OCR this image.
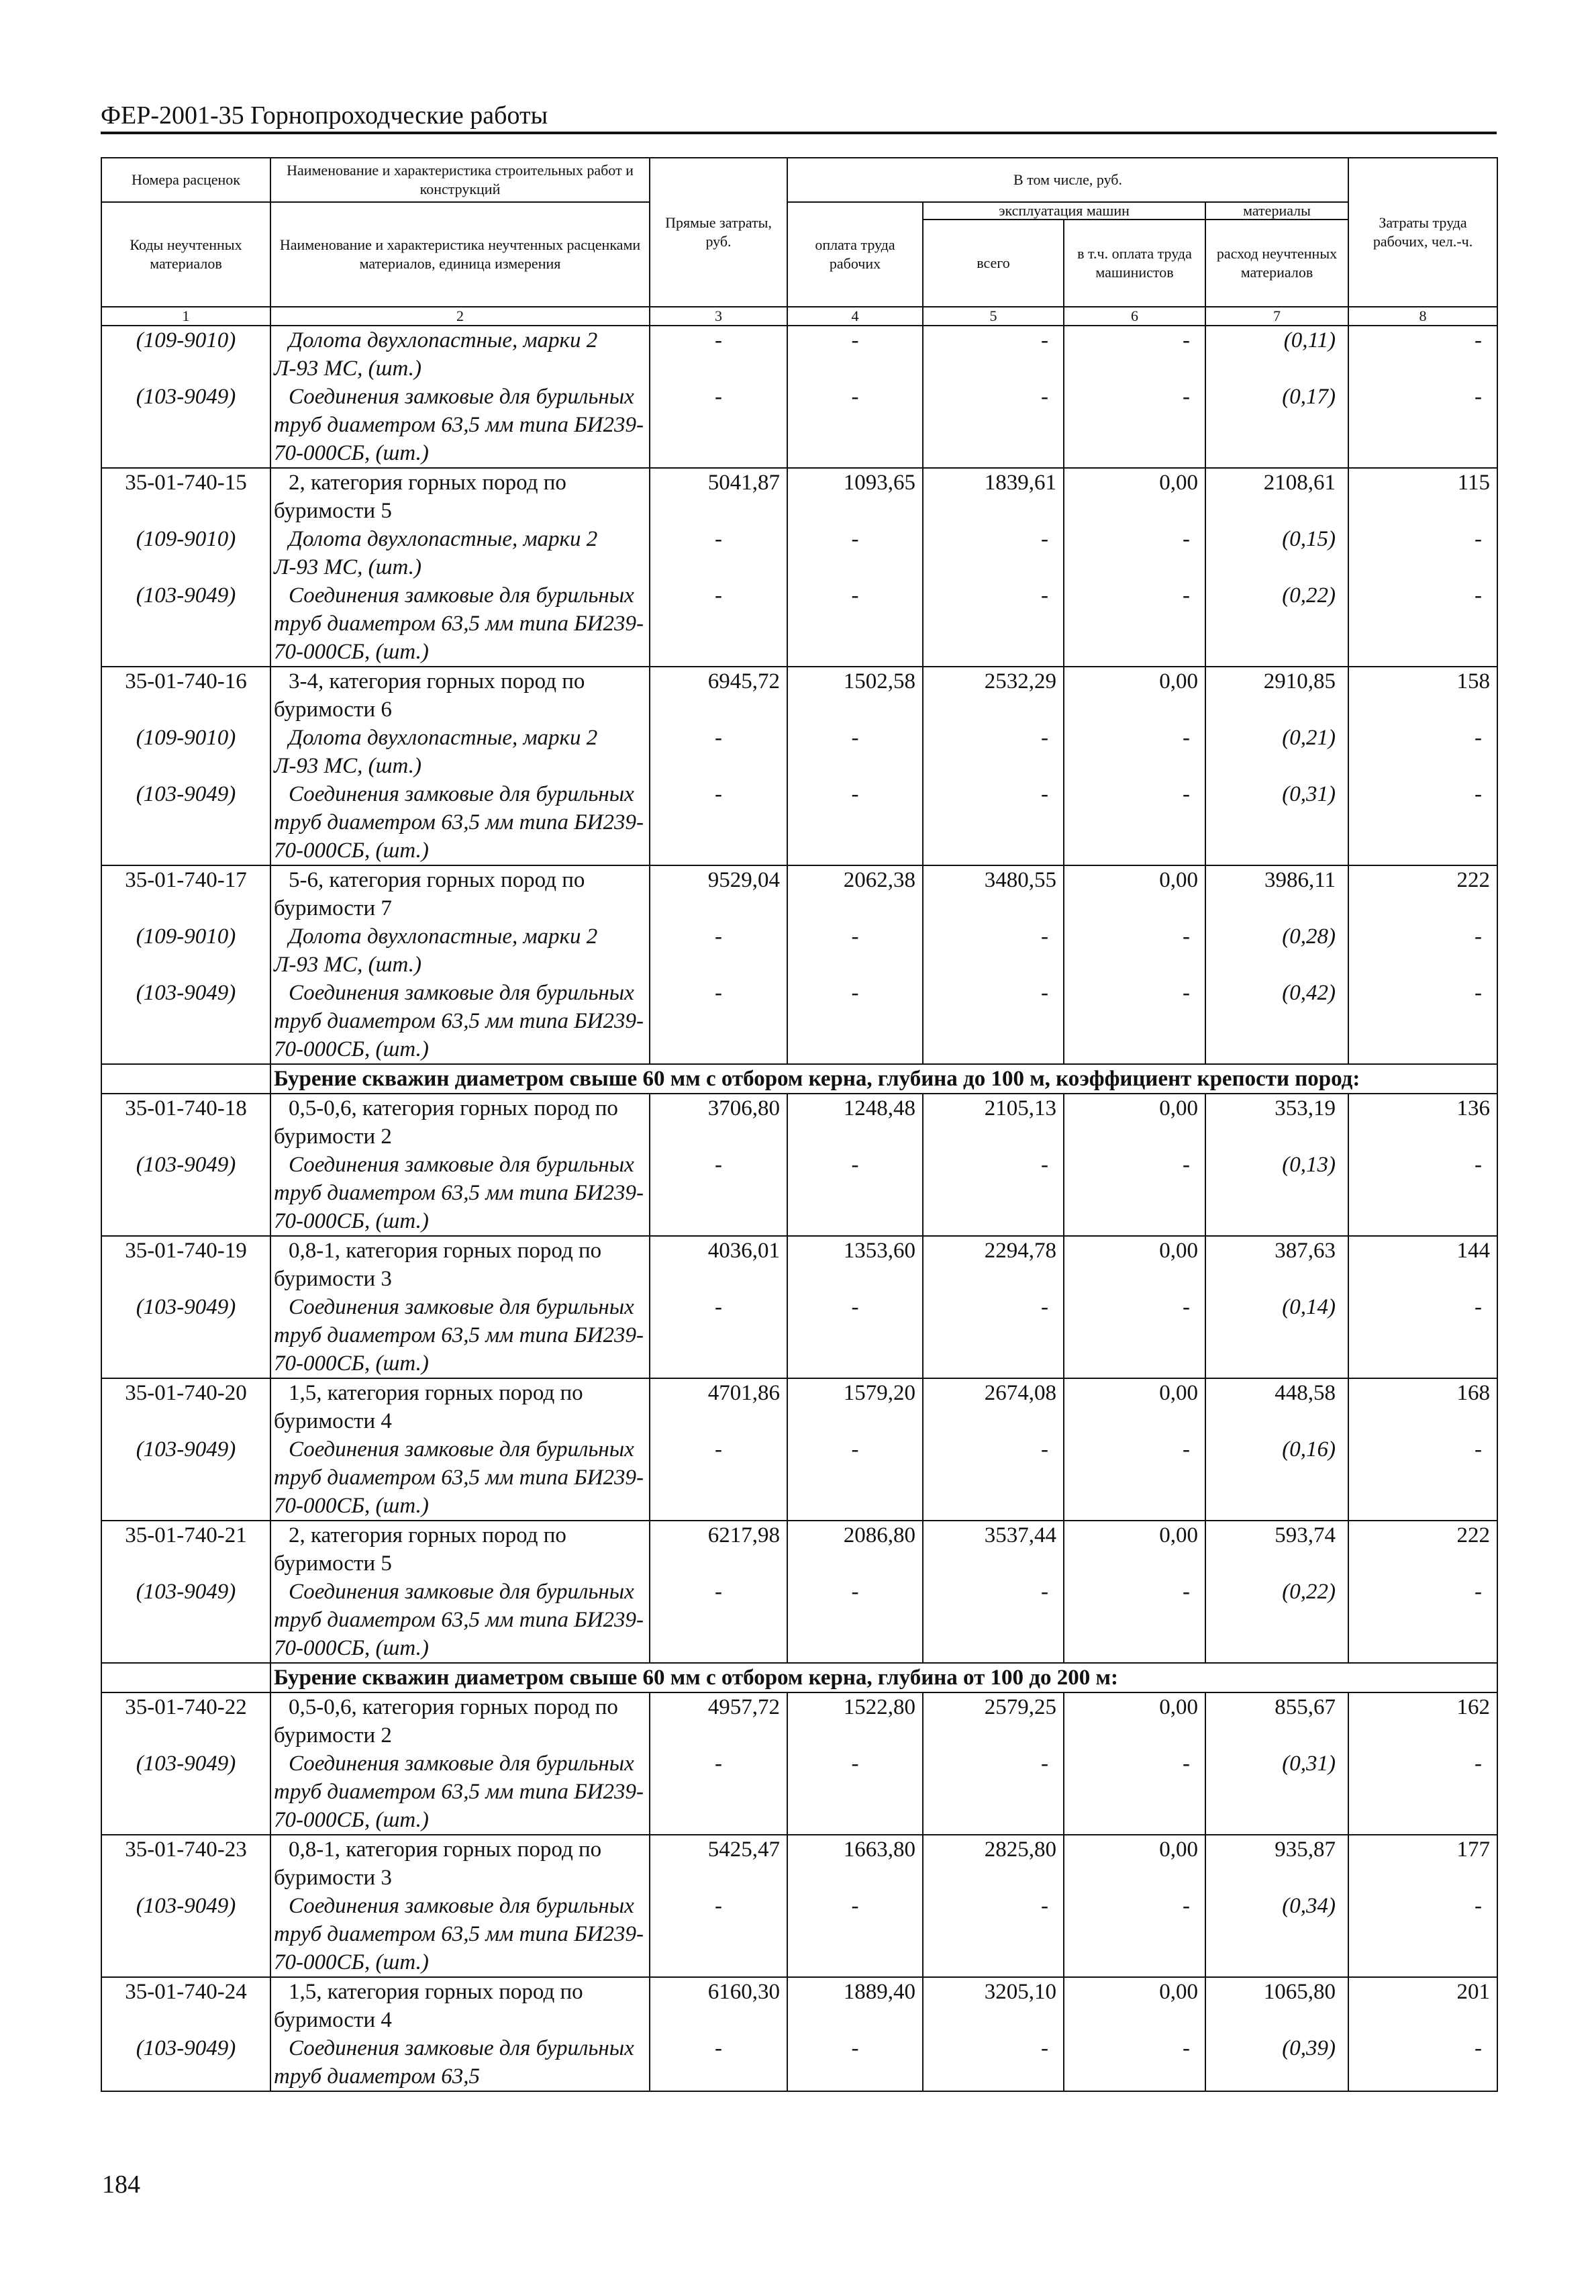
ФЕР-2001-35 Горнопроходческие работы
Номера расценок	Наименование и характеристика строительных работ и конструкций	Прямые затраты, руб.	В том числе, руб.				Затраты труда рабочих, чел.-ч.
Коды неучтенных материалов	Наименование и характеристика неучтенных расценками материалов, единица измерения		оплата труда рабочих	эксплуатация машин		материалы	
				всего	в т.ч. оплата труда машинистов	расход неучтенных материалов	
1	2	3	4	5	6	7	8
(109-9010)	Долота двухлопастные, марки 2 Л-93 МС, (шт.)	-	-	-	-	(0,11)	-
(103-9049)	Соединения замковые для бурильных труб диаметром 63,5 мм типа БИ239-70-000СБ, (шт.)	-	-	-	-	(0,17)	-
35-01-740-15	2, категория горных пород по буримости 5	5041,87	1093,65	1839,61	0,00	2108,61	115
(109-9010)	Долота двухлопастные, марки 2 Л-93 МС, (шт.)	-	-	-	-	(0,15)	-
(103-9049)	Соединения замковые для бурильных труб диаметром 63,5 мм типа БИ239-70-000СБ, (шт.)	-	-	-	-	(0,22)	-
35-01-740-16	3-4, категория горных пород по буримости 6	6945,72	1502,58	2532,29	0,00	2910,85	158
(109-9010)	Долота двухлопастные, марки 2 Л-93 МС, (шт.)	-	-	-	-	(0,21)	-
(103-9049)	Соединения замковые для бурильных труб диаметром 63,5 мм типа БИ239-70-000СБ, (шт.)	-	-	-	-	(0,31)	-
35-01-740-17	5-6, категория горных пород по буримости 7	9529,04	2062,38	3480,55	0,00	3986,11	222
(109-9010)	Долота двухлопастные, марки 2 Л-93 МС, (шт.)	-	-	-	-	(0,28)	-
(103-9049)	Соединения замковые для бурильных труб диаметром 63,5 мм типа БИ239-70-000СБ, (шт.)	-	-	-	-	(0,42)	-
	Бурение скважин диаметром свыше 60 мм с отбором керна, глубина до 100 м, коэффициент крепости пород:						
35-01-740-18	0,5-0,6, категория горных пород по буримости 2	3706,80	1248,48	2105,13	0,00	353,19	136
(103-9049)	Соединения замковые для бурильных труб диаметром 63,5 мм типа БИ239-70-000СБ, (шт.)	-	-	-	-	(0,13)	-
35-01-740-19	0,8-1, категория горных пород по буримости 3	4036,01	1353,60	2294,78	0,00	387,63	144
(103-9049)	Соединения замковые для бурильных труб диаметром 63,5 мм типа БИ239-70-000СБ, (шт.)	-	-	-	-	(0,14)	-
35-01-740-20	1,5, категория горных пород по буримости 4	4701,86	1579,20	2674,08	0,00	448,58	168
(103-9049)	Соединения замковые для бурильных труб диаметром 63,5 мм типа БИ239-70-000СБ, (шт.)	-	-	-	-	(0,16)	-
35-01-740-21	2, категория горных пород по буримости 5	6217,98	2086,80	3537,44	0,00	593,74	222
(103-9049)	Соединения замковые для бурильных труб диаметром 63,5 мм типа БИ239-70-000СБ, (шт.)	-	-	-	-	(0,22)	-
	Бурение скважин диаметром свыше 60 мм с отбором керна, глубина от 100 до 200 м:						
35-01-740-22	0,5-0,6, категория горных пород по буримости 2	4957,72	1522,80	2579,25	0,00	855,67	162
(103-9049)	Соединения замковые для бурильных труб диаметром 63,5 мм типа БИ239-70-000СБ, (шт.)	-	-	-	-	(0,31)	-
35-01-740-23	0,8-1, категория горных пород по буримости 3	5425,47	1663,80	2825,80	0,00	935,87	177
(103-9049)	Соединения замковые для бурильных труб диаметром 63,5 мм типа БИ239-70-000СБ, (шт.)	-	-	-	-	(0,34)	-
35-01-740-24	1,5, категория горных пород по буримости 4	6160,30	1889,40	3205,10	0,00	1065,80	201
(103-9049)	Соединения замковые для бурильных труб диаметром 63,5	-	-	-	-	(0,39)	-
184
